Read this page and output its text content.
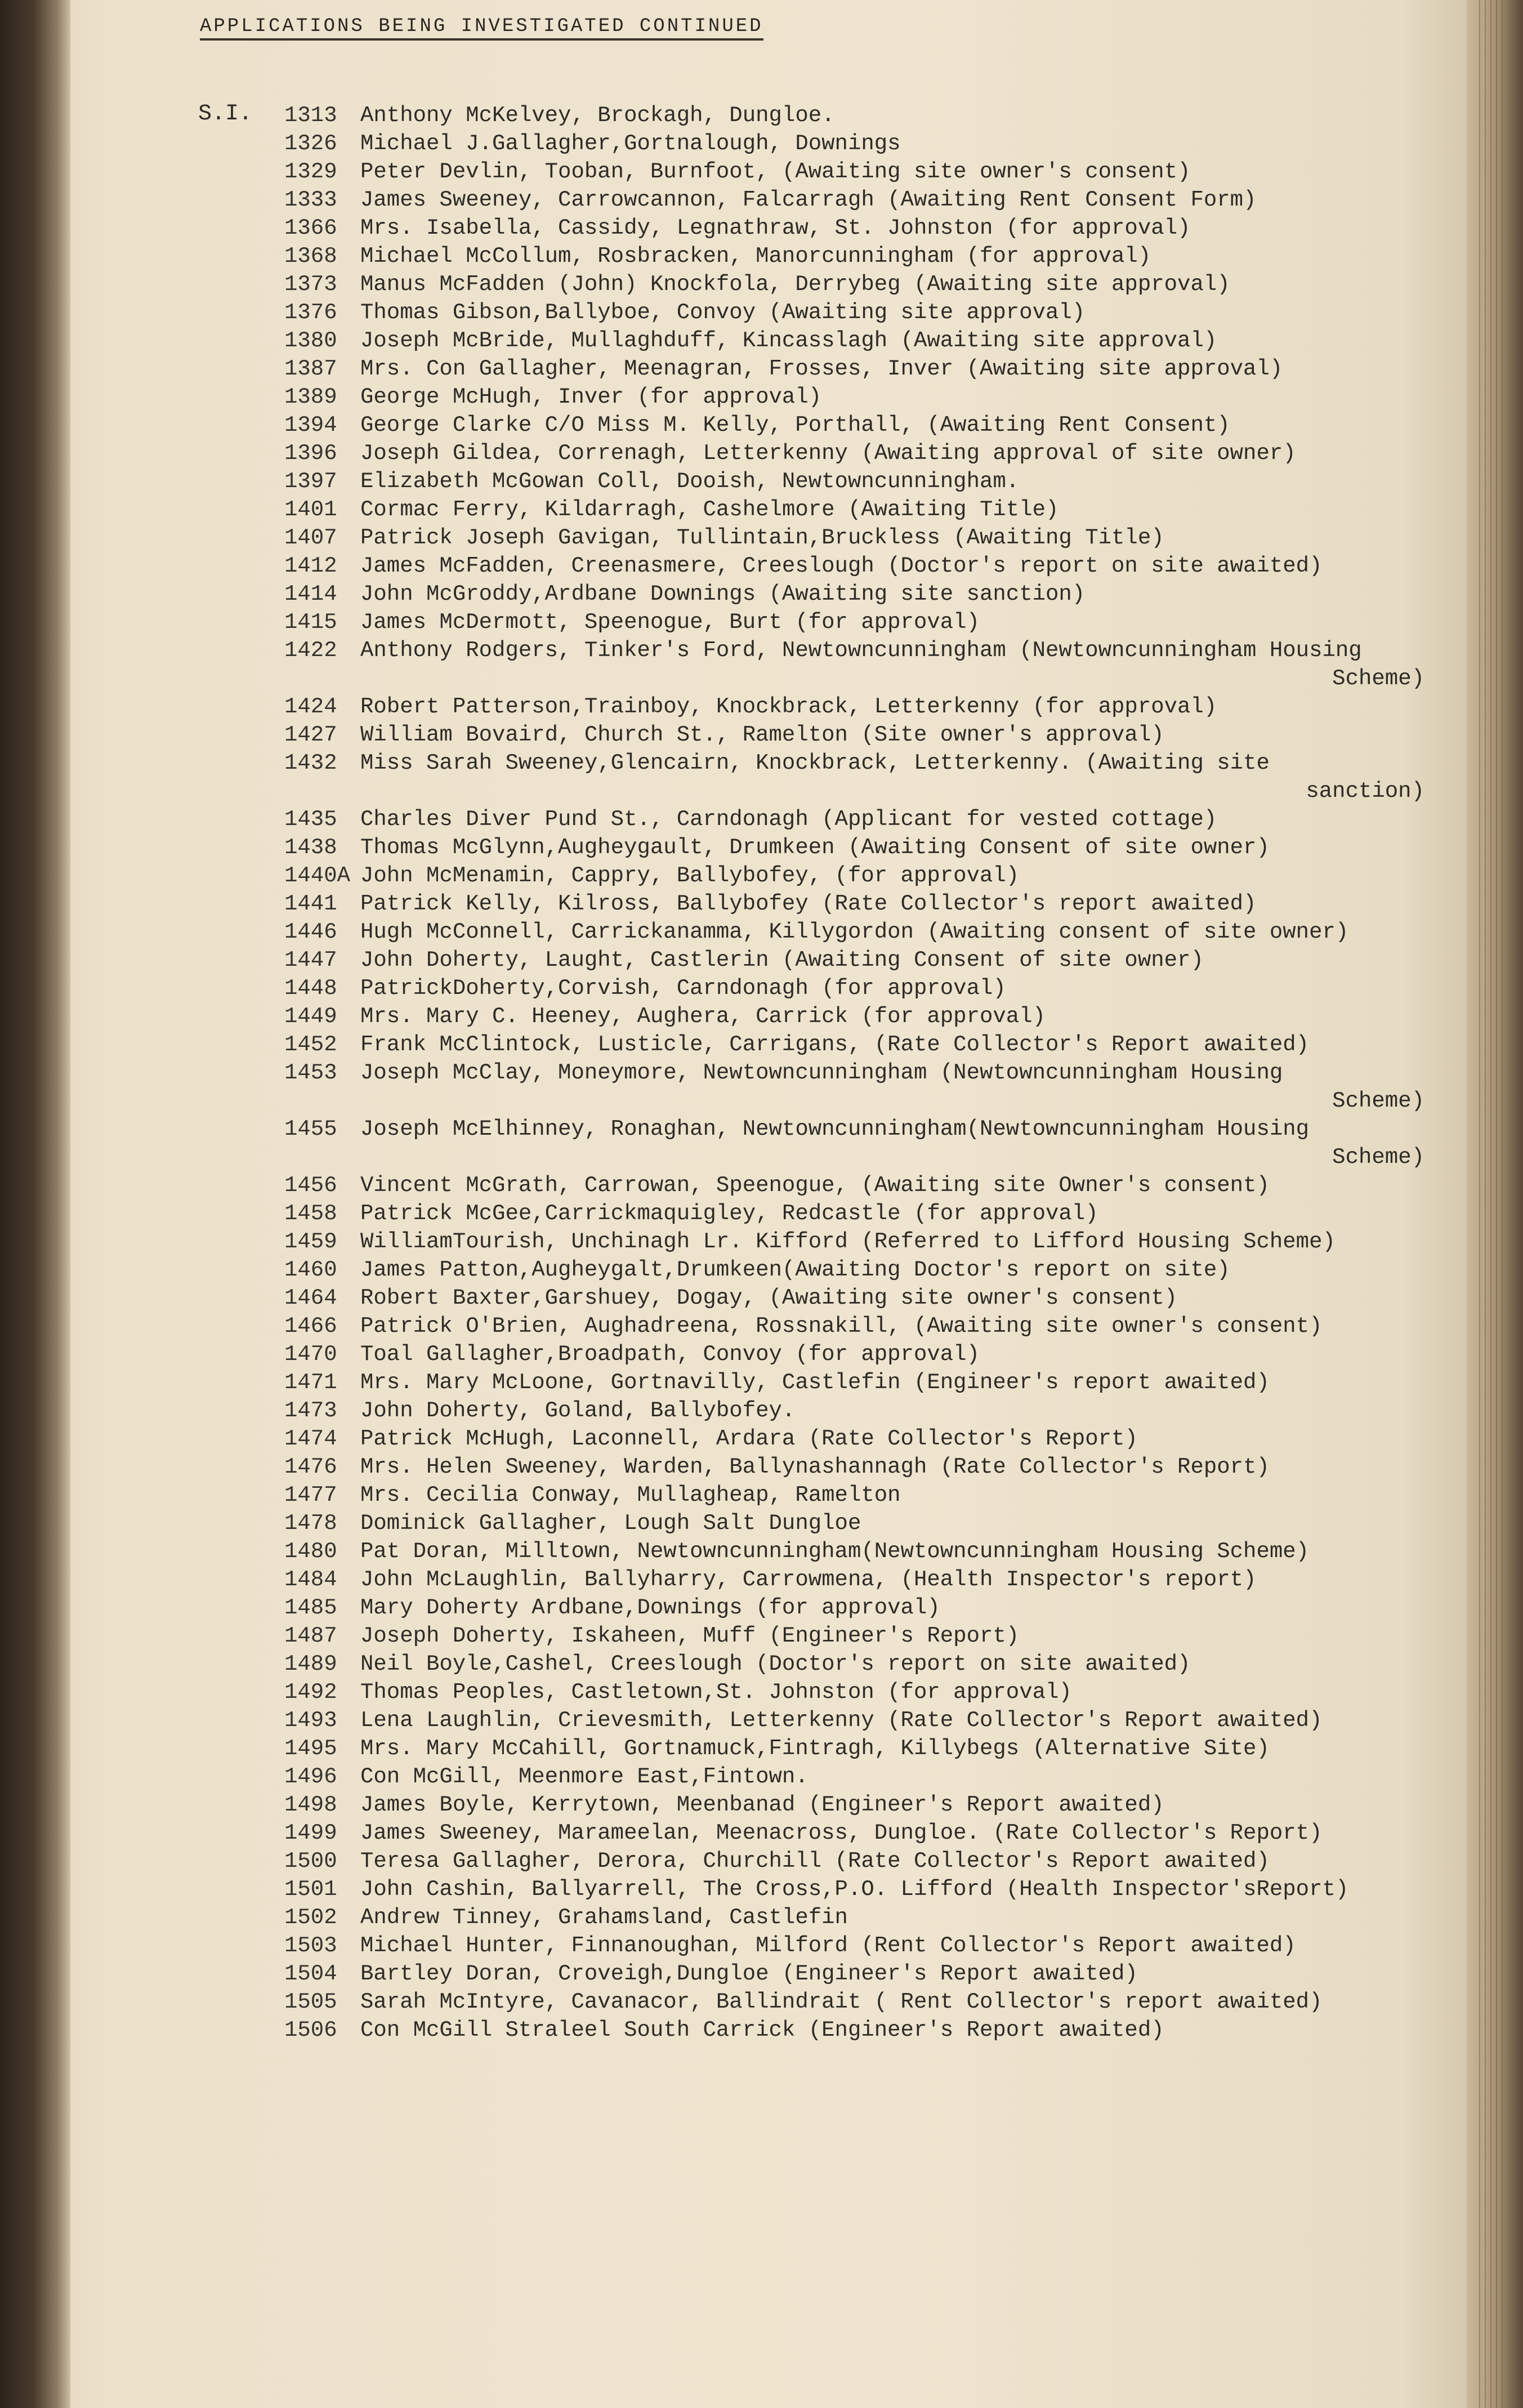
APPLICATIONS BEING INVESTIGATED CONTINUED
S.I. 1313	Anthony McKelvey, Brockagh, Dungloe.
1326	Michael J.Gallagher,Gortnalough, Downings
1329	Peter Devlin, Tooban, Burnfoot, (Awaiting site owner's consent)
1333	James Sweeney, Carrowcannon, Falcarragh (Awaiting Rent Consent Form)
1366	Mrs. Isabella, Cassidy, Legnathraw, St. Johnston (for approval)
1368	Michael McCollum, Rosbracken, Manorcunningham (for approval)
1373	Manus McFadden (John) Knockfola, Derrybeg (Awaiting site approval)
1376	Thomas Gibson,Ballyboe, Convoy (Awaiting site approval)
1380	Joseph McBride, Mullaghduff, Kincasslagh (Awaiting site approval)
1387	Mrs. Con Gallagher, Meenagran, Frosses, Inver (Awaiting site approval)
1389	George McHugh, Inver (for approval)
1394	George Clarke C/O Miss M. Kelly, Porthall, (Awaiting Rent Consent)
1396	Joseph Gildea, Correnagh, Letterkenny (Awaiting approval of site owner)
1397	Elizabeth McGowan Coll, Dooish, Newtowncunningham.
1401	Cormac Ferry, Kildarragh, Cashelmore (Awaiting Title)
1407	Patrick Joseph Gavigan, Tullintain,Bruckless (Awaiting Title)
1412	James McFadden, Creenasmere, Creeslough (Doctor's report on site awaited)
1414	John McGroddy,Ardbane Downings (Awaiting site sanction)
1415	James McDermott, Speenogue, Burt (for approval)
1422	Anthony Rodgers, Tinker's Ford, Newtowncunningham (Newtowncunningham Housing
Scheme)
1424	Robert Patterson,Trainboy, Knockbrack, Letterkenny (for approval)
1427	William Bovaird, Church St., Ramelton (Site owner's approval)
1432	Miss Sarah Sweeney,Glencairn, Knockbrack, Letterkenny. (Awaiting site
sanction)
1435	Charles Diver Pund St., Carndonagh (Applicant for vested cottage)
1438	Thomas McGlynn,Augheygault, Drumkeen (Awaiting Consent of site owner)
1440A John McMenamin, Cappry, Ballybofey, (for approval)
1441	Patrick Kelly, Kilross, Ballybofey (Rate Collector's report awaited)
1446	Hugh McConnell, Carrickanamma, Killygordon (Awaiting consent of site owner)
1447	John Doherty, Laught, Castlerin (Awaiting Consent of site owner)
1448	PatrickDoherty,Corvish, Carndonagh (for approval)
1449	Mrs. Mary C. Heeney, Aughera, Carrick (for approval)
1452	Frank McClintock, Lusticle, Carrigans, (Rate Collector's Report awaited)
1453	Joseph McClay, Moneymore, Newtowncunningham (Newtowncunningham Housing
Scheme)
1455	Joseph McElhinney, Ronaghan, Newtowncunningham(Newtowncunningham Housing
Scheme)
1456	Vincent McGrath, Carrowan, Speenogue, (Awaiting site Owner's consent)
1458	Patrick McGee,Carrickmaquigley, Redcastle (for approval)
1459	WilliamTourish, Unchinagh Lr. Kifford (Referred to Lifford Housing Scheme)
1460	James Patton,Augheygalt,Drumkeen(Awaiting Doctor's report on site)
1464	Robert Baxter,Garshuey, Dogay, (Awaiting site owner's consent)
1466	Patrick O'Brien, Aughadreena, Rossnakill, (Awaiting site owner's consent)
1470	Toal Gallagher,Broadpath, Convoy (for approval)
1471	Mrs. Mary McLoone, Gortnavilly, Castlefin (Engineer's report awaited)
1473	John Doherty, Goland, Ballybofey.
1474	Patrick McHugh, Laconnell, Ardara (Rate Collector's Report)
1476	Mrs. Helen Sweeney, Warden, Ballynashannagh (Rate Collector's Report)
1477	Mrs. Cecilia Conway, Mullagheap, Ramelton
1478	Dominick Gallagher, Lough Salt Dungloe
1480	Pat Doran, Milltown, Newtowncunningham(Newtowncunningham Housing Scheme)
1484	John McLaughlin, Ballyharry, Carrowmena, (Health Inspector's report)
1485	Mary Doherty Ardbane,Downings (for approval)
1487	Joseph Doherty, Iskaheen, Muff (Engineer's Report)
1489	Neil Boyle,Cashel, Creeslough (Doctor's report on site awaited)
1492	Thomas Peoples, Castletown,St. Johnston (for approval)
1493	Lena Laughlin, Crievesmith, Letterkenny (Rate Collector's Report awaited)
1495	Mrs. Mary McCahill, Gortnamuck,Fintragh, Killybegs (Alternative Site)
1496	Con McGill, Meenmore East,Fintown.
1498	James Boyle, Kerrytown, Meenbanad (Engineer's Report awaited)
1499	James Sweeney, Marameelan, Meenacross, Dungloe. (Rate Collector's Report)
1500	Teresa Gallagher, Derora, Churchill (Rate Collector's Report awaited)
1501	John Cashin, Ballyarrell, The Cross,P.O. Lifford (Health Inspector'sReport)
1502	Andrew Tinney, Grahamsland, Castlefin
1503	Michael Hunter, Finnanoughan, Milford (Rent Collector's Report awaited)
1504	Bartley Doran, Croveigh,Dungloe (Engineer's Report awaited)
1505	Sarah McIntyre, Cavanacor, Ballindrait ( Rent Collector's report awaited)
1506	Con McGill Straleel South Carrick (Engineer's Report awaited)
